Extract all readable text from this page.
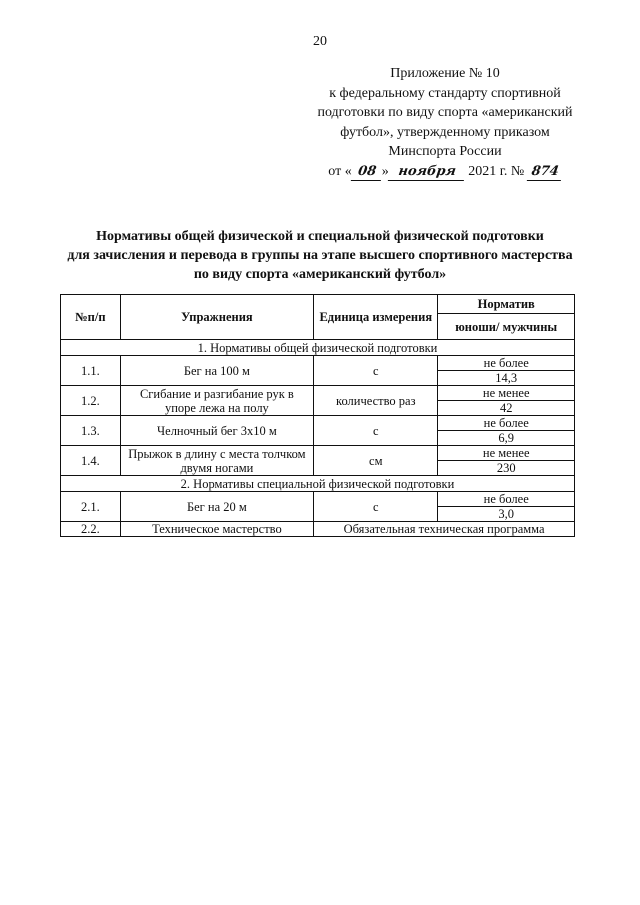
20
Приложение № 10
к федеральному стандарту спортивной
подготовки по виду спорта «американский
футбол», утвержденному приказом
Минспорта России
от « 08 » ноября 2021 г. № 874
Нормативы общей физической и специальной физической подготовки
для зачисления и перевода в группы на этапе высшего спортивного мастерства
по виду спорта «американский футбол»
№п/п	Упражнения	Единица измерения	Норматив
			юноши/ мужчины
1. Нормативы общей физической подготовки			
1.1.	Бег на 100 м	с	не более
			14,3
1.2.	Сгибание и разгибание рук в упоре лежа на полу	количество раз	не менее
			42
1.3.	Челночный бег 3х10 м	с	не более
			6,9
1.4.	Прыжок в длину с места толчком двумя ногами	см	не менее
			230
2. Нормативы специальной физической подготовки			
2.1.	Бег на 20 м	с	не более
			3,0
2.2.	Техническое мастерство	Обязательная техническая программа	
